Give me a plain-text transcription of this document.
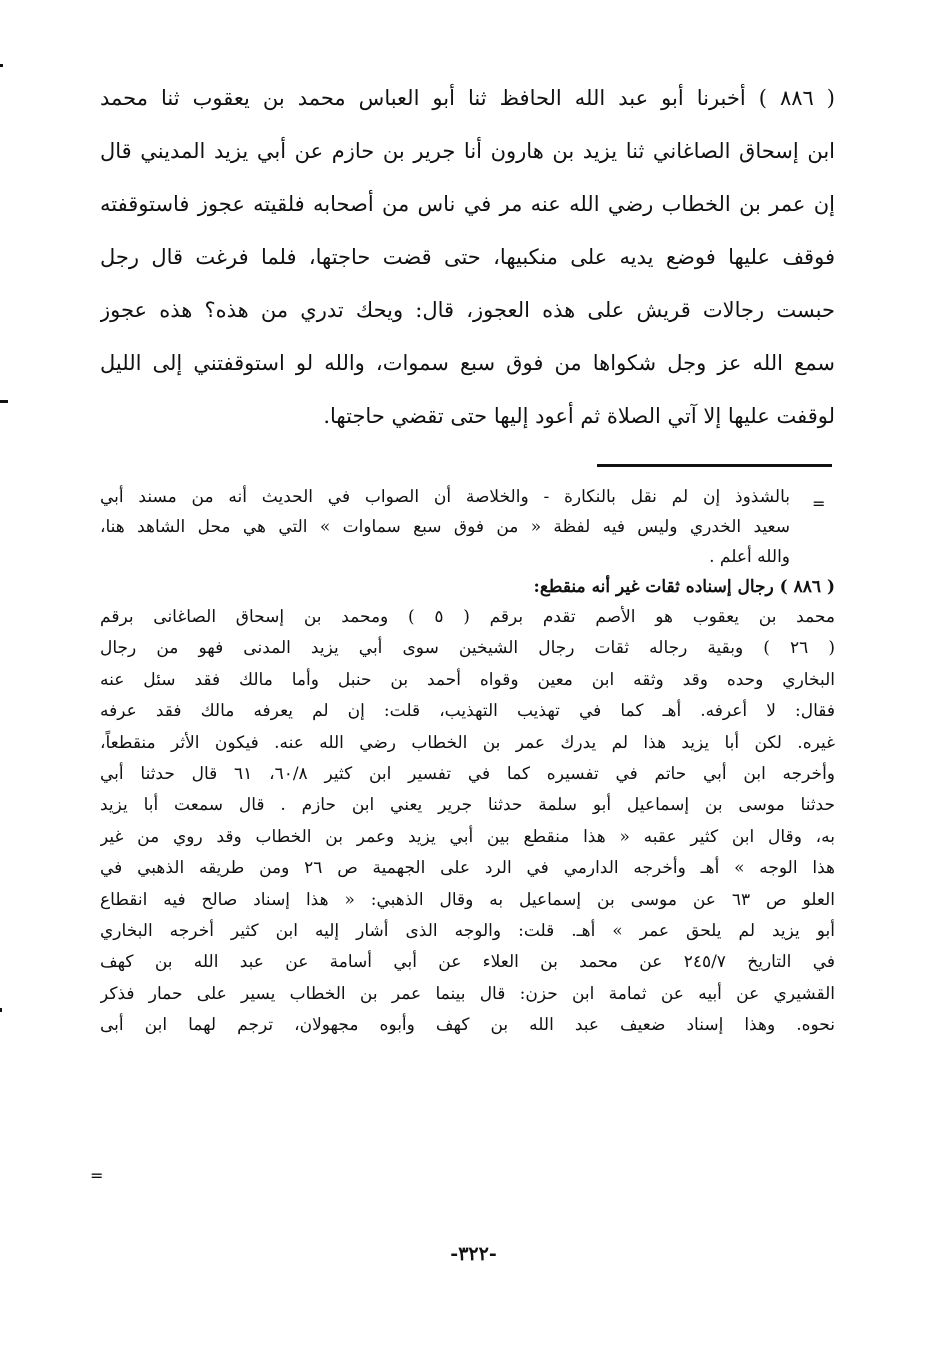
( ٨٨٦ ) أخبرنا أبو عبد الله الحافظ ثنا أبو العباس محمد بن يعقوب ثنا محمد
ابن إسحاق الصاغاني ثنا يزيد بن هارون أنا جرير بن حازم عن أبي يزيد المديني قال
إن عمر بن الخطاب رضي الله عنه مر في ناس من أصحابه فلقيته عجوز فاستوقفته
فوقف عليها فوضع يديه على منكبيها، حتى قضت حاجتها، فلما فرغت قال رجل
حبست رجالات قريش على هذه العجوز، قال: ويحك تدري من هذه؟ هذه عجوز
سمع الله عز وجل شكواها من فوق سبع سموات، والله لو استوقفتني إلى الليل
لوقفت عليها إلا آتي الصلاة ثم أعود إليها حتى تقضي حاجتها.
=
بالشذوذ إن لم نقل بالنكارة - والخلاصة أن الصواب في الحديث أنه من مسند أبي
سعيد الخدري وليس فيه لفظة « من فوق سبع سماوات » التي هي محل الشاهد هنا،
والله أعلم .
( ٨٨٦ ) رجال إسناده ثقات غير أنه منقطع:
محمد بن يعقوب هو الأصم تقدم برقم ( ٥ ) ومحمد بن إسحاق الصاغانى برقم
( ٢٦ ) وبقية رجاله ثقات رجال الشيخين سوى أبي يزيد المدنى فهو من رجال
البخاري وحده وقد وثقه ابن معين وقواه أحمد بن حنبل وأما مالك فقد سئل عنه
فقال: لا أعرفه. أهـ كما في تهذيب التهذيب، قلت: إن لم يعرفه مالك فقد عرفه
غيره. لكن أبا يزيد هذا لم يدرك عمر بن الخطاب رضي الله عنه. فيكون الأثر منقطعاً،
وأخرجه ابن أبي حاتم في تفسيره كما في تفسير ابن كثير ٦٠/٨، ٦١ قال حدثنا أبي
حدثنا موسى بن إسماعيل أبو سلمة حدثنا جرير يعني ابن حازم . قال سمعت أبا يزيد
به، وقال ابن كثير عقبه « هذا منقطع بين أبي يزيد وعمر بن الخطاب وقد روي من غير
هذا الوجه » أهـ وأخرجه الدارمي في الرد على الجهمية ص ٢٦ ومن طريقه الذهبي في
العلو ص ٦٣ عن موسى بن إسماعيل به وقال الذهبي: « هذا إسناد صالح فيه انقطاع
أبو يزيد لم يلحق عمر » أهـ. قلت: والوجه الذى أشار إليه ابن كثير أخرجه البخاري
في التاريخ ٢٤٥/٧ عن محمد بن العلاء عن أبي أسامة عن عبد الله بن كهف
القشيري عن أبيه عن ثمامة ابن حزن: قال بينما عمر بن الخطاب يسير على حمار فذكر
نحوه. وهذا إسناد ضعيف عبد الله بن كهف وأبوه مجهولان، ترجم لهما ابن أبى
=
-٣٢٢-
